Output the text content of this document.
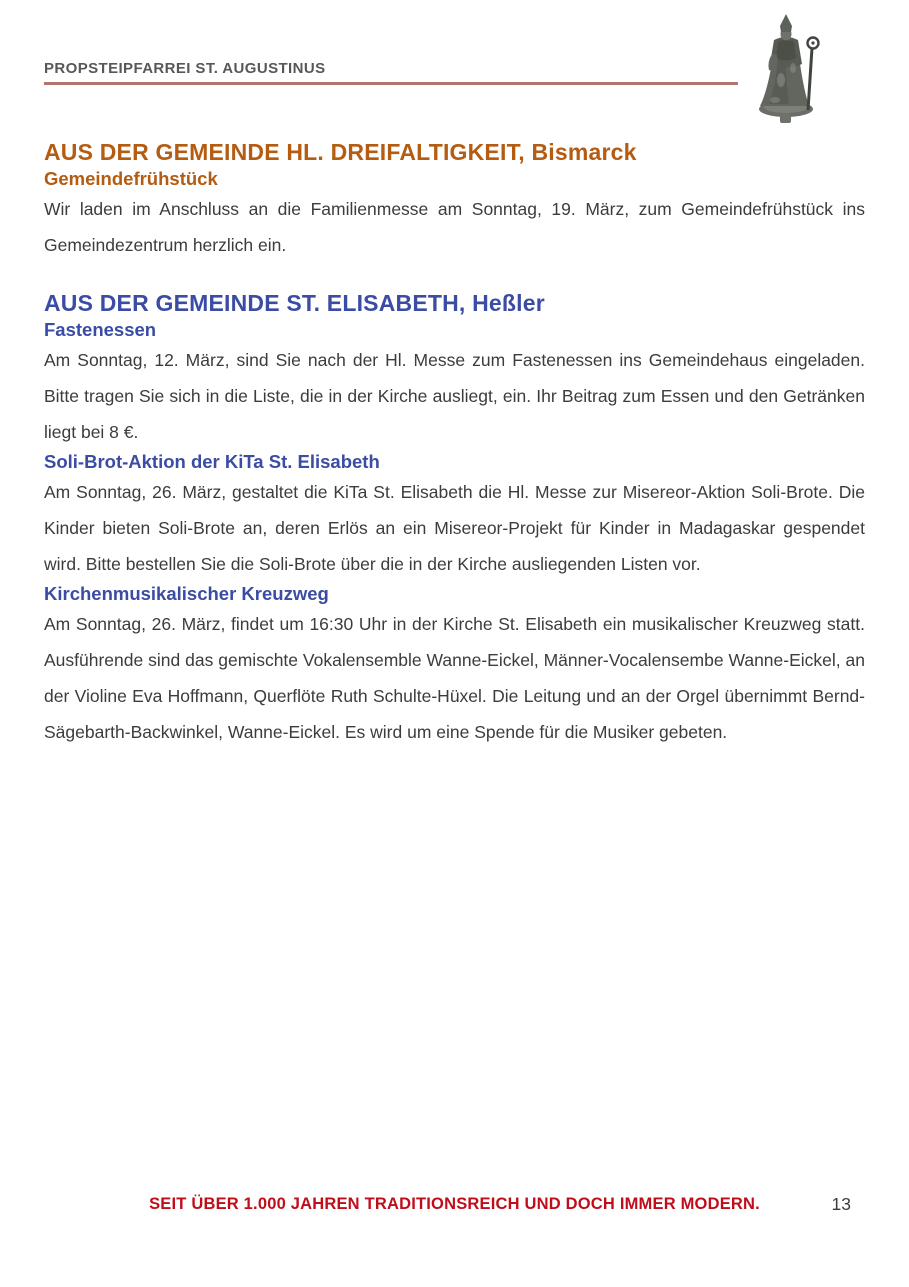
PROPSTEIPFARREI ST. AUGUSTINUS
AUS DER GEMEINDE HL. DREIFALTIGKEIT, Bismarck
Gemeindefrühstück

Wir laden im Anschluss an die Familienmesse am Sonntag, 19. März, zum Gemeindefrühstück ins Gemeindezentrum herzlich ein.

AUS DER GEMEINDE ST. ELISABETH, Heßler
Fastenessen

Am Sonntag, 12. März, sind Sie nach der Hl. Messe zum Fastenessen ins Gemeindehaus eingeladen. Bitte tragen Sie sich in die Liste, die in der Kirche ausliegt, ein. Ihr Beitrag zum Essen und den Getränken liegt bei 8 €.

Soli-Brot-Aktion der KiTa St. Elisabeth

Am Sonntag, 26. März, gestaltet die KiTa St. Elisabeth die Hl. Messe zur Misereor-Aktion Soli-Brote. Die Kinder bieten Soli-Brote an, deren Erlös an ein Misereor-Projekt für Kinder in Madagaskar gespendet wird. Bitte bestellen Sie die Soli-Brote über die in der Kirche ausliegenden Listen vor.

Kirchenmusikalischer Kreuzweg

Am Sonntag, 26. März, findet um 16:30 Uhr in der Kirche St. Elisabeth ein musikalischer Kreuzweg statt. Ausführende sind das gemischte Vokalensemble Wanne-Eickel, Männer-Vocalensembe Wanne-Eickel, an der Violine Eva Hoffmann, Querflöte Ruth Schulte-Hüxel. Die Leitung und an der Orgel übernimmt Bernd-Sägebarth-Backwinkel, Wanne-Eickel. Es wird um eine Spende für die Musiker gebeten.

SEIT ÜBER 1.000 JAHREN TRADITIONSREICH UND DOCH IMMER MODERN.	13
